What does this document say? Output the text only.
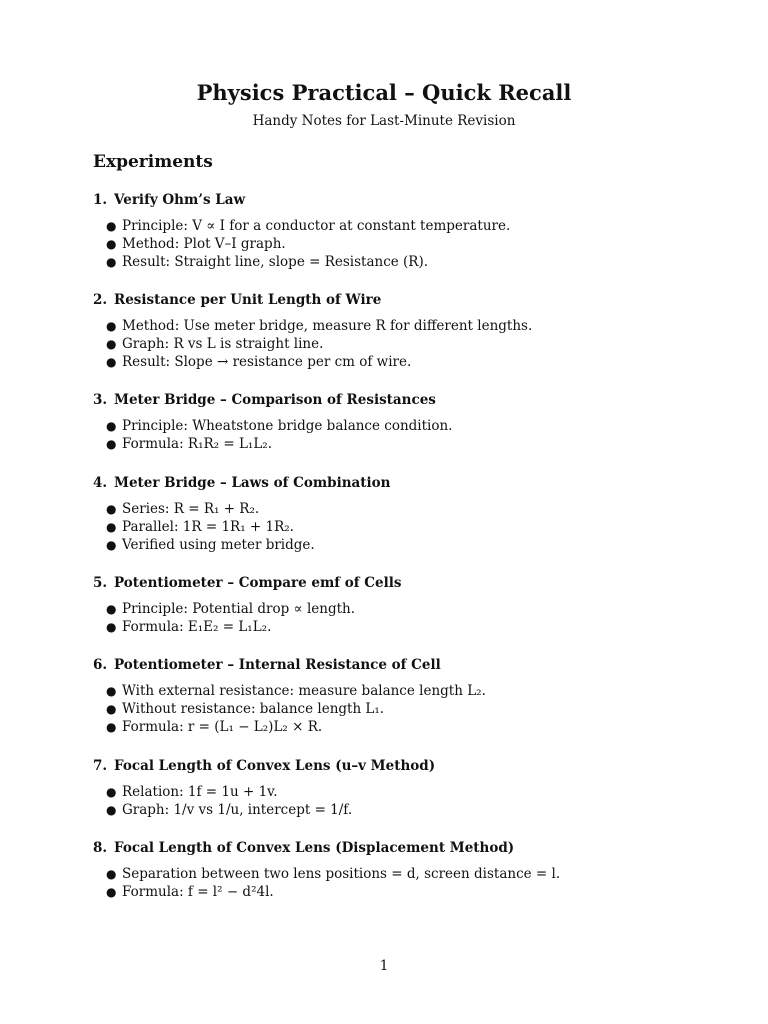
Physics Practical – Quick Recall

Handy Notes for Last-Minute Revision

Experiments
1. Verify Ohm’s Law
● Principle: V ∝ I for a conductor at constant temperature.
● Method: Plot V–I graph.
● Result: Straight line, slope = Resistance (R).
2. Resistance per Unit Length of Wire
● Method: Use meter bridge, measure R for different lengths.
● Graph: R vs L is straight line.
● Result: Slope → resistance per cm of wire.
3. Meter Bridge – Comparison of Resistances
● Principle: Wheatstone bridge balance condition.
● Formula: R₁R₂ = L₁L₂.
4. Meter Bridge – Laws of Combination
● Series: R = R₁ + R₂.
● Parallel: 1R = 1R₁ + 1R₂.
● Verified using meter bridge.
5. Potentiometer – Compare emf of Cells
● Principle: Potential drop ∝ length.
● Formula: E₁E₂ = L₁L₂.
6. Potentiometer – Internal Resistance of Cell
● With external resistance: measure balance length L₂.
● Without resistance: balance length L₁.
● Formula: r = (L₁ − L₂)L₂ × R.
7. Focal Length of Convex Lens (u–v Method)
● Relation: 1f = 1u + 1v.
● Graph: 1/v vs 1/u, intercept = 1/f.
8. Focal Length of Convex Lens (Displacement Method)
● Separation between two lens positions = d, screen distance = l.
● Formula: f = l² − d²4l.
1
